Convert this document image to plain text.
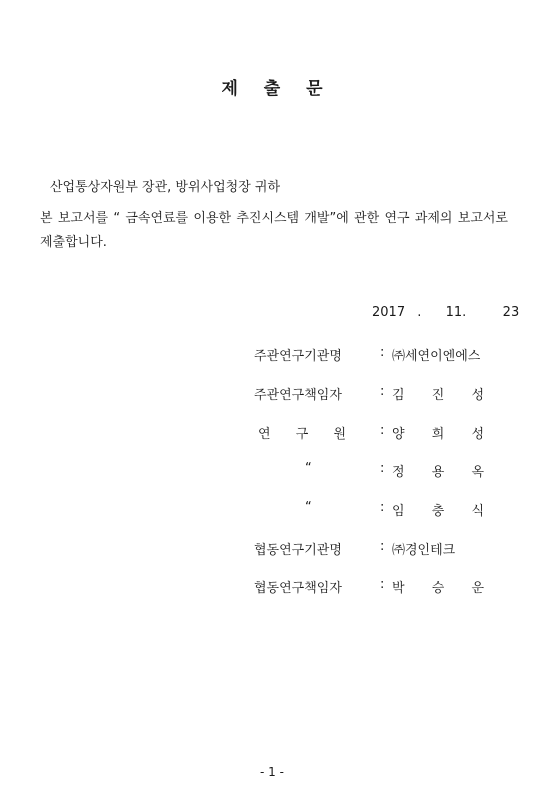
제 출 문
산업통상자원부 장관, 방위사업청장 귀하
본 보고서를 “ 금속연료를 이용한 추진시스템 개발”에 관한 연구 과제의 보고서로 제출합니다.
2017 .  11.   23
주관연구기관명	: ㈜세연이엔에스
주관연구책임자	: 김 진 성
연 구 원	: 양 희 성
“	: 정 용 옥
“	: 임 충 식
협동연구기관명	: ㈜경인테크
협동연구책임자	: 박 승 운
- 1 -
